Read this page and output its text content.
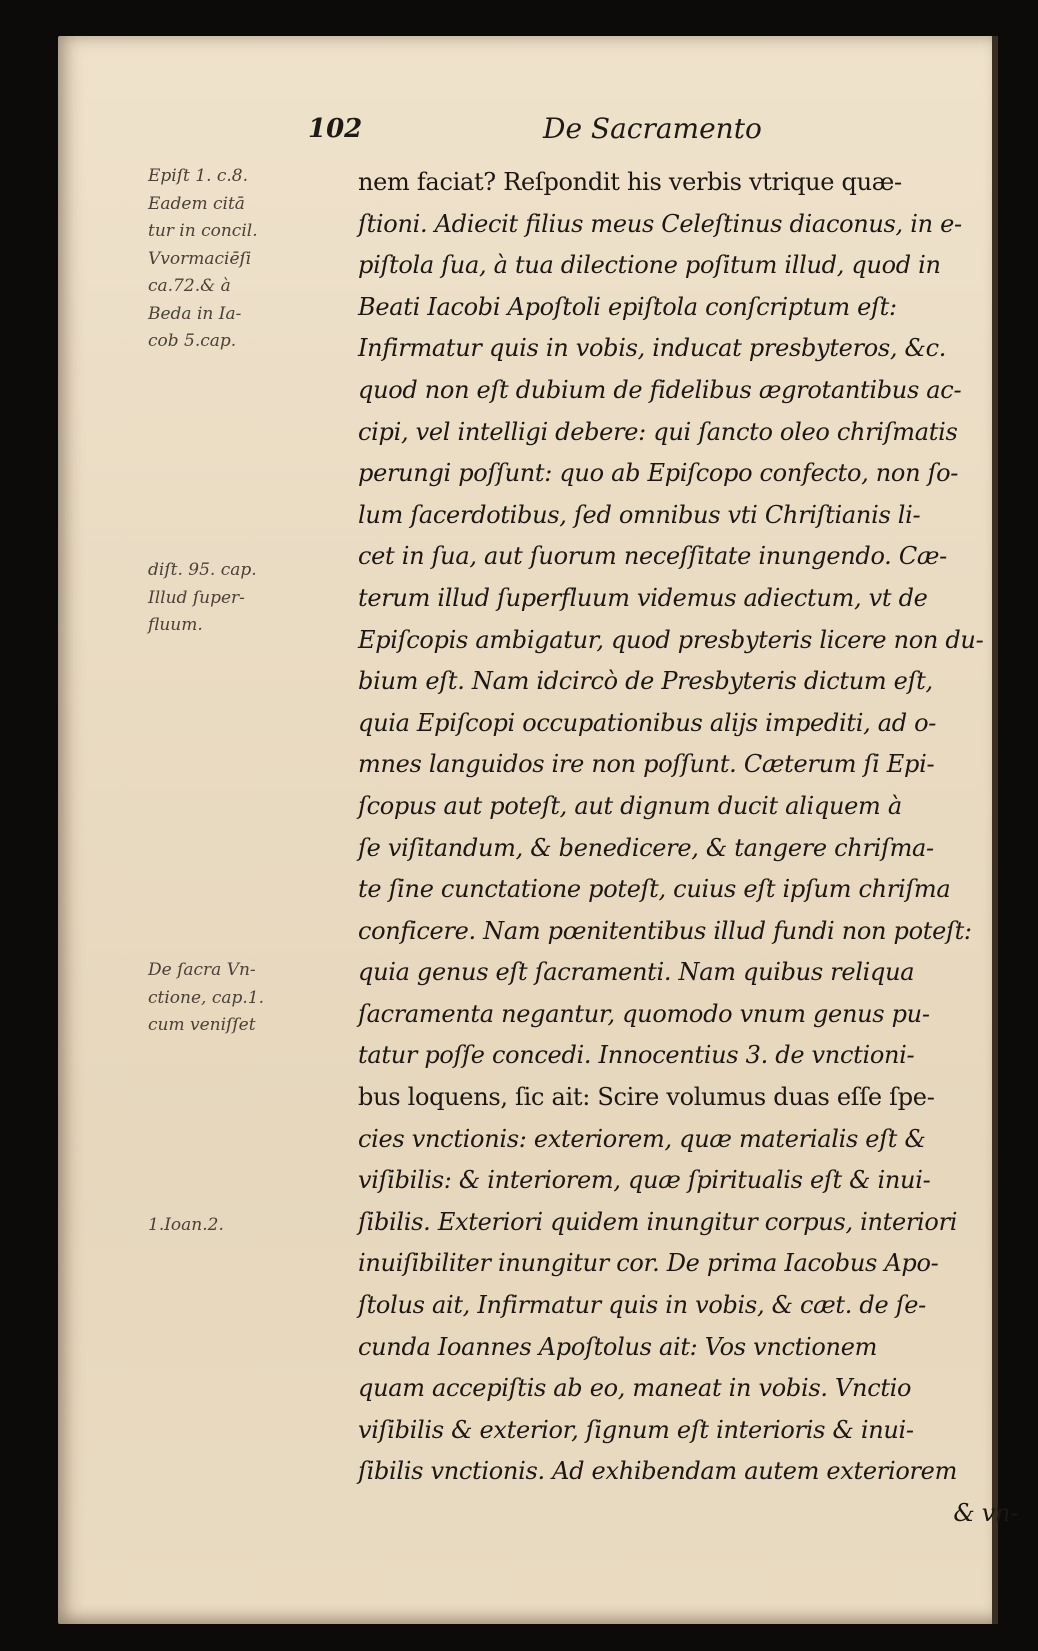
102	De Sacramento
Epiſt 1. c.8.
Eadem citā
tur in concil.
Vvormaciēſi
ca.72.& à
Beda in Ia-
cob 5.cap.
diſt. 95. cap.
Illud ſuper-
fluum.
De ſacra Vn-
ctione, cap.1.
cum veniſſet
1.Ioan.2.
nem faciat? Reſpondit his verbis vtrique quæ-
ſtioni. Adiecit filius meus Celeſtinus diaconus, in e-
piſtola ſua, à tua dilectione poſitum illud, quod in
Beati Iacobi Apoſtoli epiſtola conſcriptum eſt:
Infirmatur quis in vobis, inducat presbyteros, &c.
quod non eſt dubium de fidelibus ægrotantibus ac-
cipi, vel intelligi debere: qui ſancto oleo chriſmatis
perungi poſſunt: quo ab Epiſcopo confecto, non ſo-
lum ſacerdotibus, ſed omnibus vti Chriſtianis li-
cet in ſua, aut ſuorum neceſſitate inungendo. Cæ-
terum illud ſuperfluum videmus adiectum, vt de
Epiſcopis ambigatur, quod presbyteris licere non du-
bium eſt. Nam idcircò de Presbyteris dictum eſt,
quia Epiſcopi occupationibus alijs impediti, ad o-
mnes languidos ire non poſſunt. Cæterum ſi Epi-
ſcopus aut poteſt, aut dignum ducit aliquem à
ſe viſitandum, & benedicere, & tangere chriſma-
te ſine cunctatione poteſt, cuius eſt ipſum chriſma
conficere. Nam pœnitentibus illud fundi non poteſt:
quia genus eſt ſacramenti. Nam quibus reliqua
ſacramenta negantur, quomodo vnum genus pu-
tatur poſſe concedi. Innocentius 3. de vnctioni-
bus loquens, ſic ait: Scire volumus duas eſſe ſpe-
cies vnctionis: exteriorem, quæ materialis eſt &
viſibilis: & interiorem, quæ ſpiritualis eſt & inui-
ſibilis. Exteriori quidem inungitur corpus, interiori
inuiſibiliter inungitur cor. De prima Iacobus Apo-
ſtolus ait, Infirmatur quis in vobis, & cæt. de ſe-
cunda Ioannes Apoſtolus ait: Vos vnctionem
quam accepiſtis ab eo, maneat in vobis. Vnctio
viſibilis & exterior, ſignum eſt interioris & inui-
ſibilis vnctionis. Ad exhibendam autem exteriorem
& vn-
